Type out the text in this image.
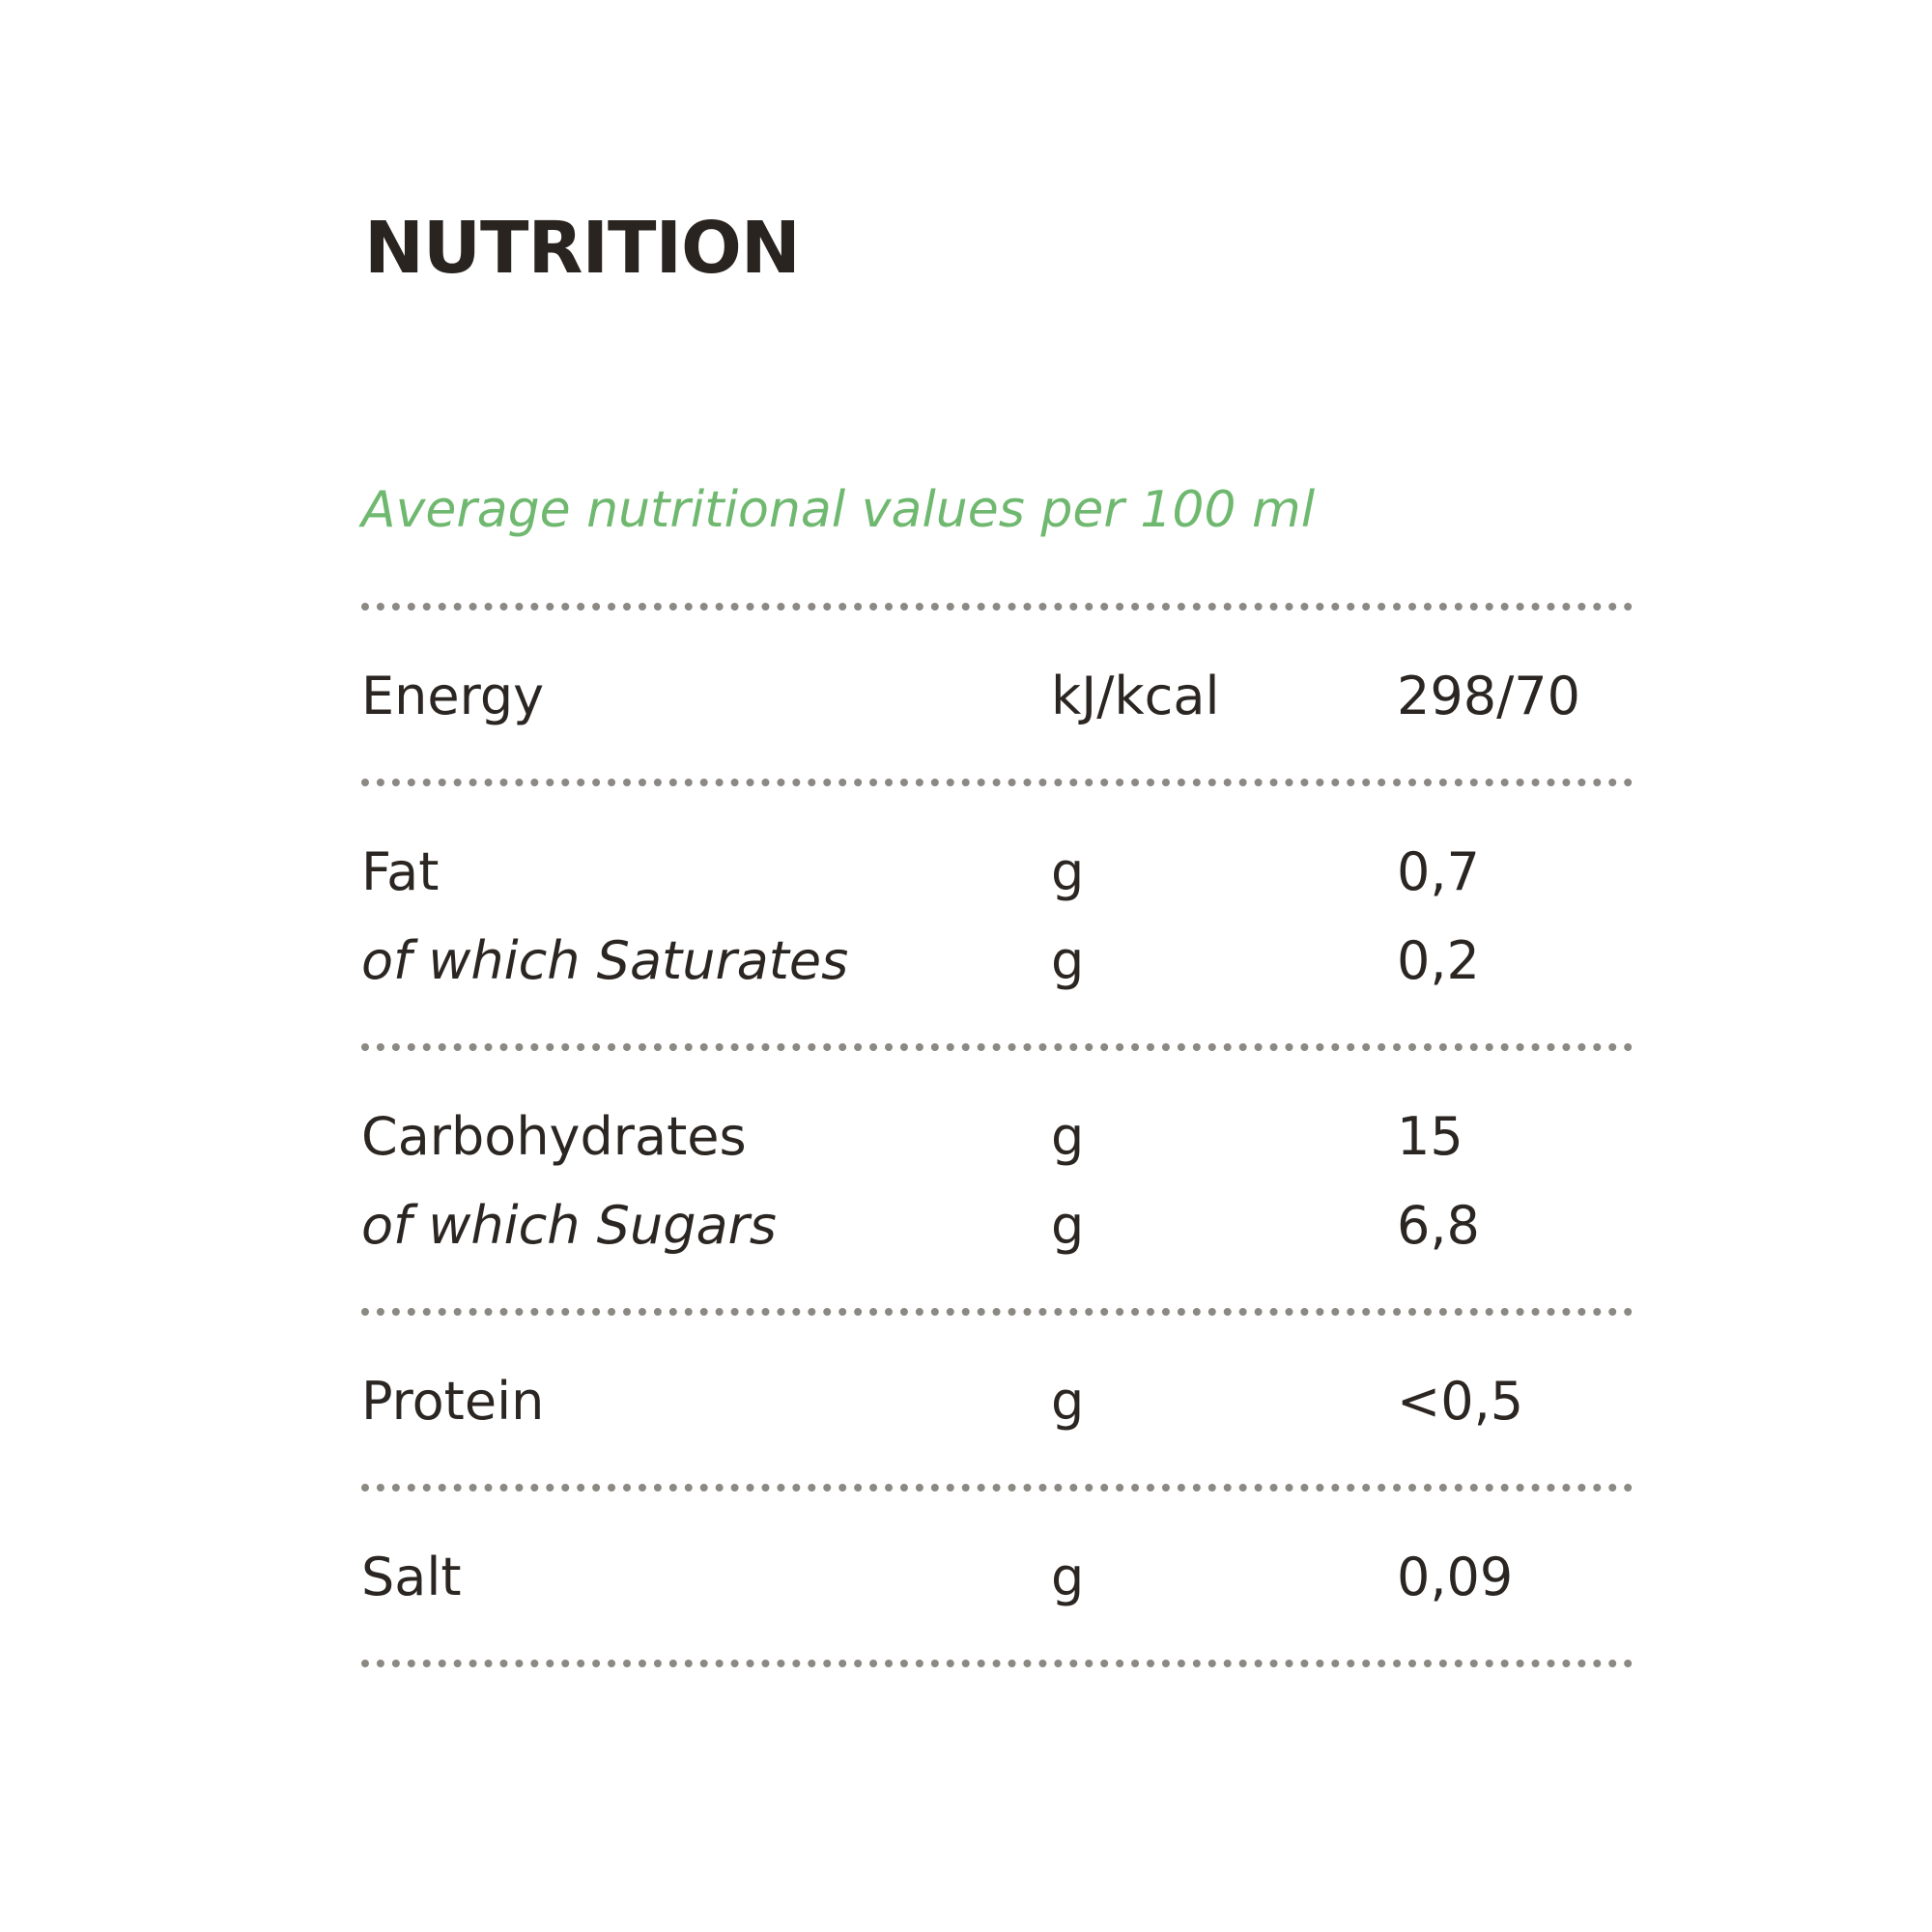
NUTRITION

Average nutritional values per 100 ml

Energy	kJ/kcal	298/70
Fat	g	0,7
of which Saturates	g	0,2
Carbohydrates	g	15
of which Sugars	g	6,8
Protein	g	<0,5
Salt	g	0,09
